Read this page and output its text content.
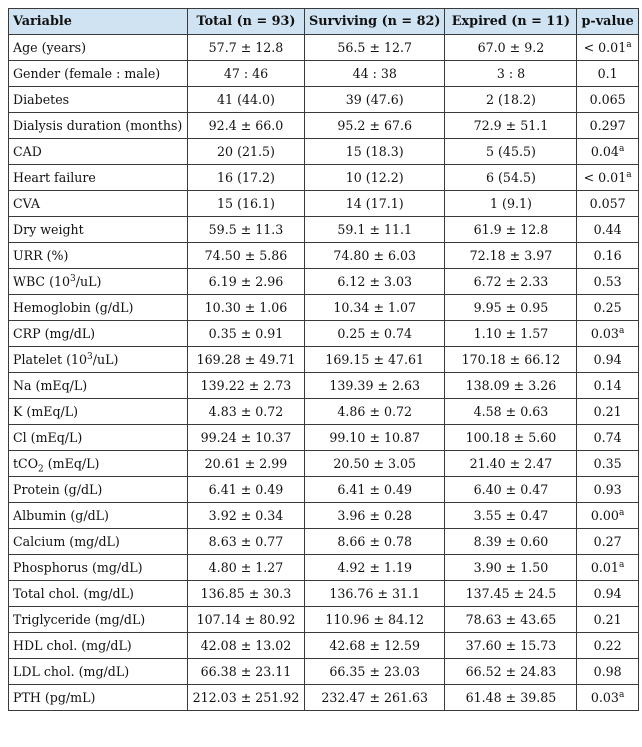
Variable	Total (n = 93)	Surviving (n = 82)	Expired (n = 11)	p-value
Age (years)	57.7 ± 12.8	56.5 ± 12.7	67.0 ± 9.2	< 0.01$^a$
Gender (female : male)	47 : 46	44 : 38	3 : 8	0.1
Diabetes	41 (44.0)	39 (47.6)	2 (18.2)	0.065
Dialysis duration (months)	92.4 ± 66.0	95.2 ± 67.6	72.9 ± 51.1	0.297
CAD	20 (21.5)	15 (18.3)	5 (45.5)	0.04$^a$
Heart failure	16 (17.2)	10 (12.2)	6 (54.5)	< 0.01$^a$
CVA	15 (16.1)	14 (17.1)	1 (9.1)	0.057
Dry weight	59.5 ± 11.3	59.1 ± 11.1	61.9 ± 12.8	0.44
URR (%)	74.50 ± 5.86	74.80 ± 6.03	72.18 ± 3.97	0.16
WBC $(10^3/uL)$	6.19 ± 2.96	6.12 ± 3.03	6.72 ± 2.33	0.53
Hemoglobin (g/dL)	10.30 ± 1.06	10.34 ± 1.07	9.95 ± 0.95	0.25
CRP (mg/dL)	0.35 ± 0.91	0.25 ± 0.74	1.10 ± 1.57	0.03$^a$
Platelet $(10^3/uL)$	169.28 ± 49.71	169.15 ± 47.61	170.18 ± 66.12	0.94
Na (mEq/L)	139.22 ± 2.73	139.39 ± 2.63	138.09 ± 3.26	0.14
K (mEq/L)	4.83 ± 0.72	4.86 ± 0.72	4.58 ± 0.63	0.21
Cl (mEq/L)	99.24 ± 10.37	99.10 ± 10.87	100.18 ± 5.60	0.74
tCO$_2$ (mEq/L)	20.61 ± 2.99	20.50 ± 3.05	21.40 ± 2.47	0.35
Protein (g/dL)	6.41 ± 0.49	6.41 ± 0.49	6.40 ± 0.47	0.93
Albumin (g/dL)	3.92 ± 0.34	3.96 ± 0.28	3.55 ± 0.47	0.00$^a$
Calcium (mg/dL)	8.63 ± 0.77	8.66 ± 0.78	8.39 ± 0.60	0.27
Phosphorus (mg/dL)	4.80 ± 1.27	4.92 ± 1.19	3.90 ± 1.50	0.01$^a$
Total chol. (mg/dL)	136.85 ± 30.3	136.76 ± 31.1	137.45 ± 24.5	0.94
Triglyceride (mg/dL)	107.14 ± 80.92	110.96 ± 84.12	78.63 ± 43.65	0.21
HDL chol. (mg/dL)	42.08 ± 13.02	42.68 ± 12.59	37.60 ± 15.73	0.22
LDL chol. (mg/dL)	66.38 ± 23.11	66.35 ± 23.03	66.52 ± 24.83	0.98
PTH (pg/mL)	212.03 ± 251.92	232.47 ± 261.63	61.48 ± 39.85	0.03$^a$
